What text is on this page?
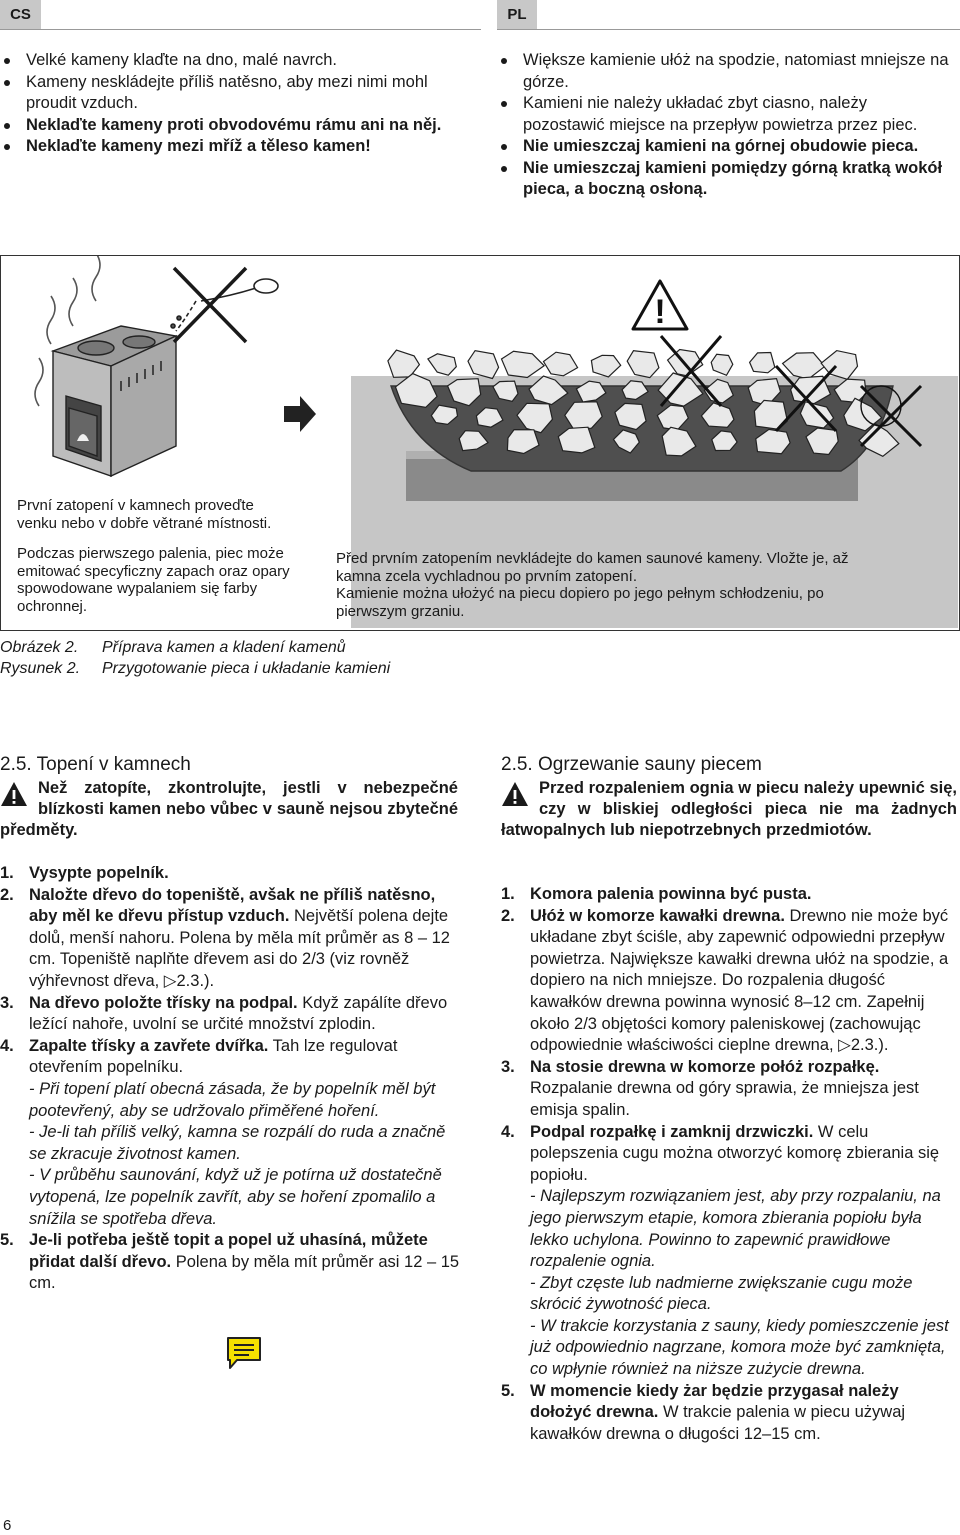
CS	PL
Velké kameny klaďte na dno, malé navrch.
Kameny neskládejte příliš natěsno, aby mezi nimi mohl proudit vzduch.
Neklaďte kameny proti obvodovému rámu ani na něj.
Neklaďte kameny mezi mříž a těleso kamen!
Większe kamienie ułóż na spodzie, natomiast mniejsze na górze.
Kamieni nie należy układać zbyt ciasno, należy pozostawić miejsce na przepływ powietrza przez piec.
Nie umieszczaj kamieni na górnej obudowie pieca.
Nie umieszczaj kamieni pomiędzy górną kratką wokół pieca, a boczną osłoną.
!

První zatopení v kamnech proveďte venku nebo v dobře větrané místnosti.

Podczas pierwszego palenia, piec może emitować specyficzny zapach oraz opary spowodowane wypalaniem się farby ochronnej.

Před prvním zatopením nevkládejte do kamen saunové kameny. Vložte je, až kamna zcela vychladnou po prvním zatopení.

Kamienie można ułożyć na piecu dopiero po jego pełnym schłodzeniu, po pierwszym grzaniu.

Obrázek 2.	Příprava kamen a kladení kamenů
Rysunek 2.	Przygotowanie pieca i układanie kamieni
2.5. Topení v kamnech	2.5. Ogrzewanie sauny piecem

Než zatopíte, zkontrolujte, jestli v nebezpečné blízkosti kamen nebo vůbec v sauně nejsou zbytečné předměty.

Przed rozpaleniem ognia w piecu należy upewnić się, czy w bliskiej odległości pieca nie ma żadnych łatwopalnych lub niepotrzebnych przedmiotów.

1. Vysypte popelník.
2. Naložte dřevo do topeniště, avšak ne příliš natěsno, aby měl ke dřevu přístup vzduch. Největší polena dejte dolů, menší nahoru. Polena by měla mít průměr as 8 – 12 cm. Topeniště naplňte dřevem asi do 2/3 (viz rovněž výhřevnost dřeva, ▷2.3.).
3. Na dřevo položte třísky na podpal. Když zapálíte dřevo ležící nahoře, uvolní se určité množství zplodin.
4. Zapalte třísky a zavřete dvířka. Tah lze regulovat otevřením popelníku.
- Při topení platí obecná zásada, že by popelník měl být pootevřený, aby se udržovalo přiměřené hoření.
- Je-li tah příliš velký, kamna se rozpálí do ruda a značně se zkracuje životnost kamen.
- V průběhu saunování, když už je potírna už dostatečně vytopená, lze popelník zavřít, aby se hoření zpomalilo a snížila se spotřeba dřeva.
5. Je-li potřeba ještě topit a popel už uhasíná, můžete přidat další dřevo. Polena by měla mít průměr asi 12 – 15 cm.
1. Komora palenia powinna być pusta.
2. Ułóż w komorze kawałki drewna. Drewno nie może być układane zbyt ściśle, aby zapewnić odpowiedni przepływ powietrza. Największe kawałki drewna ułóż na spodzie, a dopiero na nich mniejsze. Do rozpalenia długość kawałków drewna powinna wynosić 8–12 cm. Zapełnij około 2/3 objętości komory paleniskowej (zachowując odpowiednie właściwości cieplne drewna, ▷2.3.).
3. Na stosie drewna w komorze połóż rozpałkę. Rozpalanie drewna od góry sprawia, że mniejsza jest emisja spalin.
4. Podpal rozpałkę i zamknij drzwiczki. W celu polepszenia cugu można otworzyć komorę zbierania się popiołu.
- Najlepszym rozwiązaniem jest, aby przy rozpalaniu, na jego pierwszym etapie, komora zbierania popiołu była lekko uchylona. Powinno to zapewnić prawidłowe rozpalenie ognia.
- Zbyt częste lub nadmierne zwiększanie cugu może skrócić żywotność pieca.
- W trakcie korzystania z sauny, kiedy pomieszczenie jest już odpowiednio nagrzane, komora może być zamknięta, co wpłynie również na niższe zużycie drewna.
5. W momencie kiedy żar będzie przygasał należy dołożyć drewna. W trakcie palenia w piecu używaj kawałków drewna o długości 12–15 cm.
6
